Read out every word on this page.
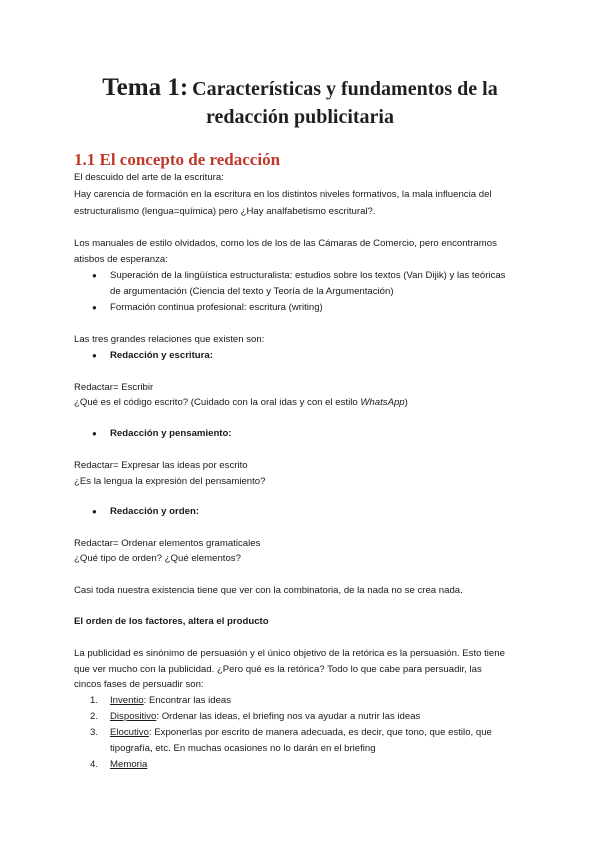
Tema 1: Características y fundamentos de la
redacción publicitaria
1.1 El concepto de redacción
El descuido del arte de la escritura:
Hay carencia de formación en la escritura en los distintos niveles formativos, la mala influencia del
estructuralismo (lengua=química) pero ¿Hay analfabetismo escritural?.
Los manuales de estilo olvidados, como los de los de las Cámaras de Comercio, pero encontramos
atisbos de esperanza:
● Superación de la lingüística estructuralista: estudios sobre los textos (Van Dijik) y las teóricas
de argumentación (Ciencia del texto y Teoría de la Argumentación)
● Formación continua profesional: escritura (writing)
Las tres grandes relaciones que existen son:
● Redacción y escritura:
Redactar= Escribir
¿Qué es el código escrito? (Cuidado con la oral idas y con el estilo WhatsApp)
● Redacción y pensamiento:
Redactar= Expresar las ideas por escrito
¿Es la lengua la expresión del pensamiento?
● Redacción y orden:
Redactar= Ordenar elementos gramaticales
¿Qué tipo de orden? ¿Qué elementos?
Casi toda nuestra existencia tiene que ver con la combinatoria, de la nada no se crea nada.
El orden de los factores, altera el producto
La publicidad es sinónimo de persuasión y el único objetivo de la retórica es la persuasión. Esto tiene
que ver mucho con la publicidad. ¿Pero qué es la retórica? Todo lo que cabe para persuadir, las
cincos fases de persuadir son:
1. Inventio: Encontrar las ideas
2. Dispositivo: Ordenar las ideas, el briefing nos va ayudar a nutrir las ideas
3. Elocutivo: Exponerlas por escrito de manera adecuada, es decir, que tono, que estilo, que
tipografía, etc. En muchas ocasiones no lo darán en el briefing
4. Memoria
